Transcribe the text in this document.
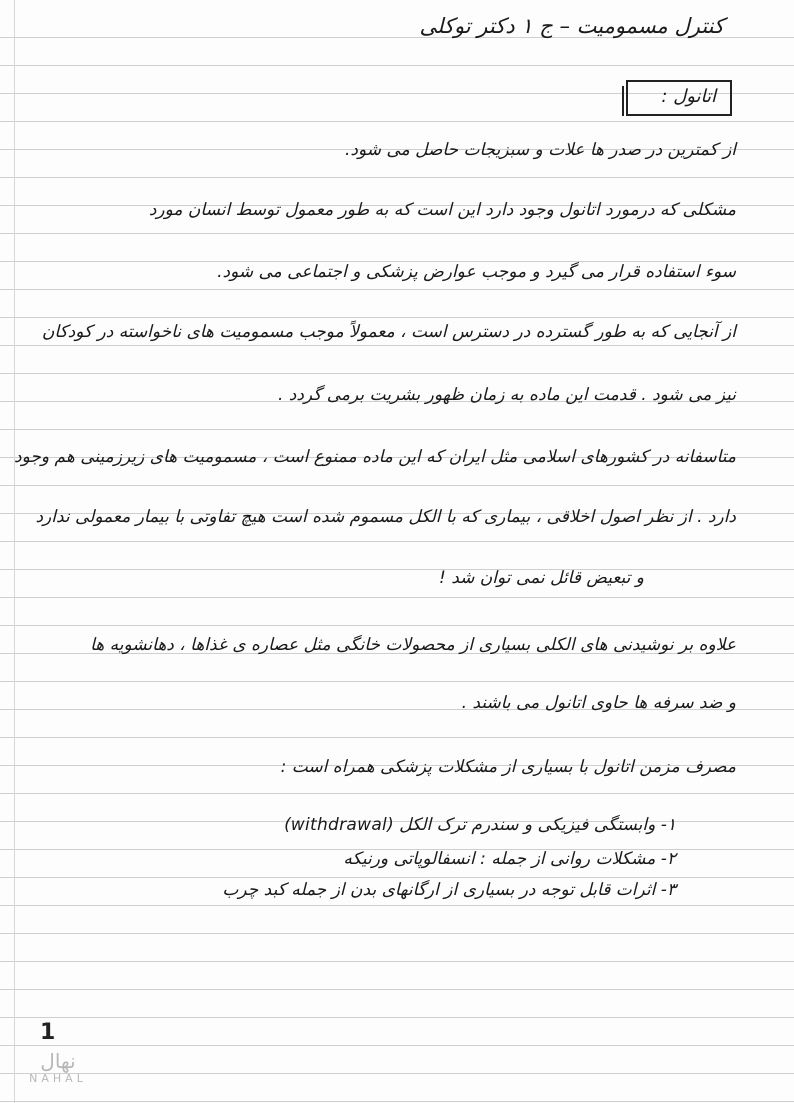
کنترل مسمومیت – ج ۱ دکتر توکلی
اتانول :
از کمترین در صدر ها علات و سبزیجات حاصل می شود.
مشکلی که درمورد اتانول وجود دارد این است که به طور معمول توسط انسان مورد
سوء استفاده قرار می گیرد و موجب عوارض پزشکی و اجتماعی می شود.
از آنجایی که به طور گسترده در دسترس است ، معمولاً موجب مسمومیت های ناخواسته در کودکان
نیز می شود . قدمت این ماده به زمان ظهور بشریت برمی گردد .
متاسفانه در کشورهای اسلامی مثل ایران که این ماده ممنوع است ، مسمومیت های زیرزمینی هم وجود
دارد . از نظر اصول اخلاقی ، بیماری که با الکل مسموم شده است هیچ تفاوتی با بیمار معمولی ندارد
و تبعیض قائل نمی توان شد !
علاوه بر نوشیدنی های الکلی بسیاری از محصولات خانگی مثل عصاره ی غذاها ، دهانشویه ها
و ضد سرفه ها حاوی اتانول می باشند .
مصرف مزمن اتانول با بسیاری از مشکلات پزشکی همراه است :
۱- وابستگی فیزیکی و سندرم ترک الکل (withdrawal)
۲- مشکلات روانی از جمله : انسفالوپاتی ورنیکه
۳- اثرات قابل توجه در بسیاری از ارگانهای بدن از جمله کبد چرب
1
نهال
NAHAL
